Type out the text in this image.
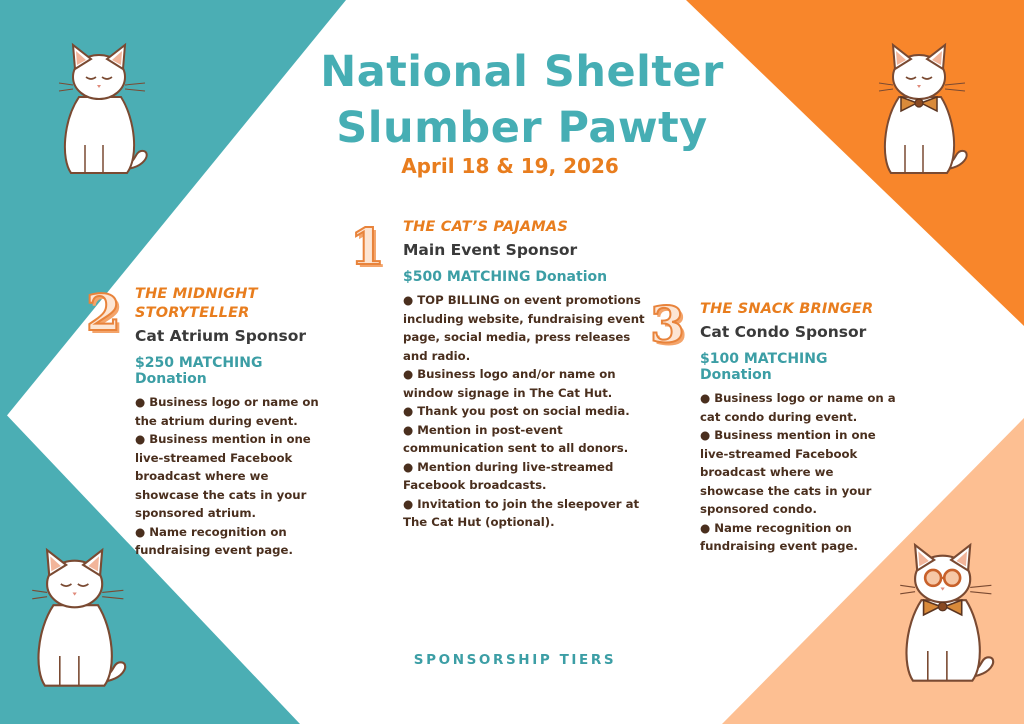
National Shelter
Slumber Pawty
April 18 & 19, 2026
1 THE CAT’S PAJAMAS
Main Event Sponsor
$500 MATCHING Donation
● TOP BILLING on event promotions including website, fundraising event page, social media, press releases and radio.
● Business logo and/or name on window signage in The Cat Hut.
● Thank you post on social media.
● Mention in post-event communication sent to all donors.
● Mention during live-streamed Facebook broadcasts.
● Invitation to join the sleepover at The Cat Hut (optional).
2 THE MIDNIGHT STORYTELLER
Cat Atrium Sponsor
$250 MATCHING Donation
● Business logo or name on the atrium during event.
● Business mention in one live-streamed Facebook broadcast where we showcase the cats in your sponsored atrium.
● Name recognition on fundraising event page.
3 THE SNACK BRINGER
Cat Condo Sponsor
$100 MATCHING Donation
● Business logo or name on a cat condo during event.
● Business mention in one live-streamed Facebook broadcast where we showcase the cats in your sponsored condo.
● Name recognition on fundraising event page.
SPONSORSHIP TIERS
